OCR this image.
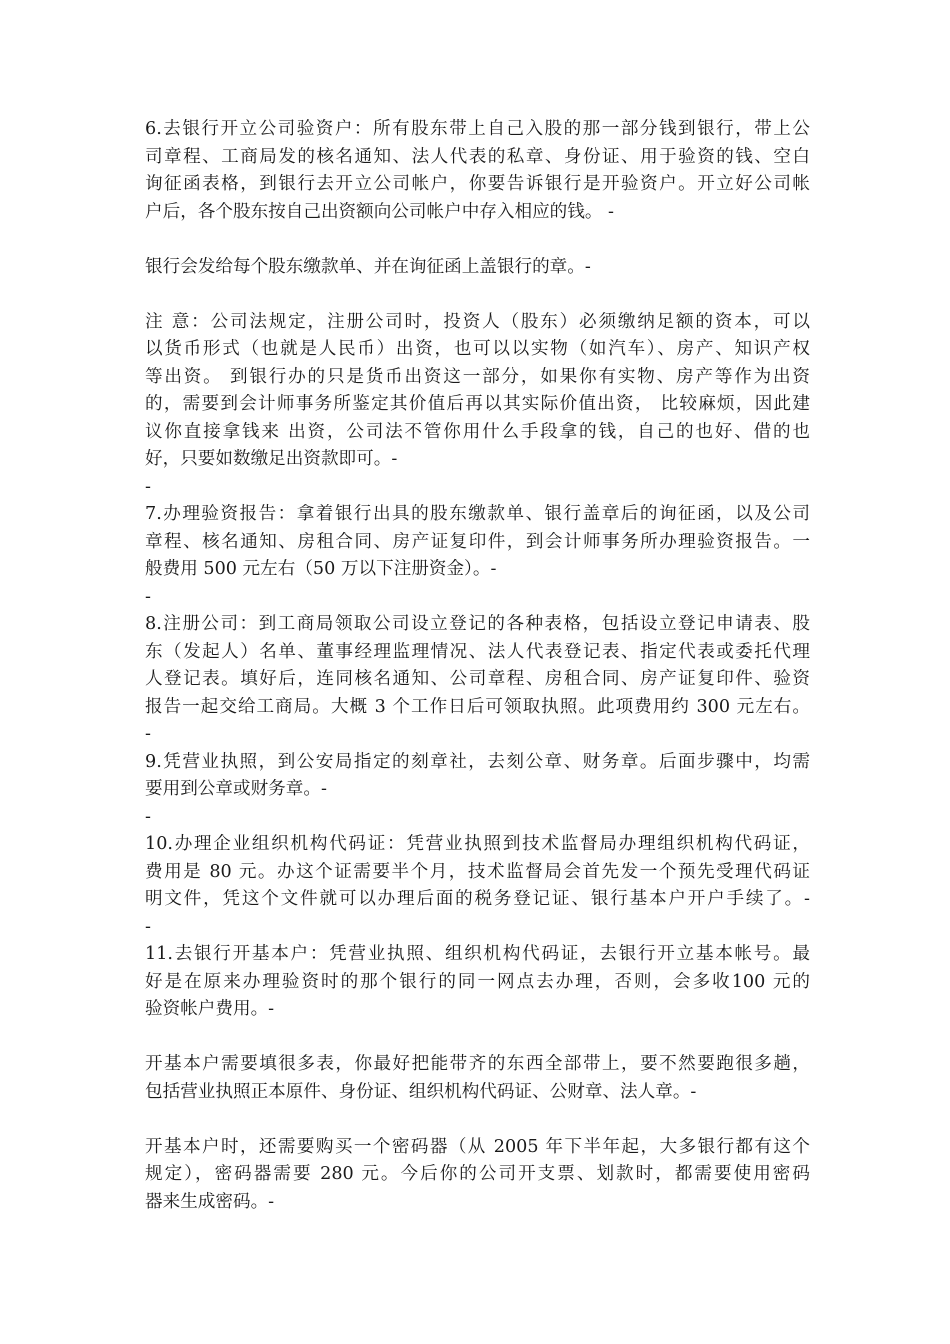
6.去银行开立公司验资户：所有股东带上自己入股的那一部分钱到银行，带上公
司章程、工商局发的核名通知、法人代表的私章、身份证、用于验资的钱、空白
询征函表格，到银行去开立公司帐户，你要告诉银行是开验资户。开立好公司帐
户后，各个股东按自己出资额向公司帐户中存入相应的钱。 -
银行会发给每个股东缴款单、并在询征函上盖银行的章。-
注 意：公司法规定，注册公司时，投资人（股东）必须缴纳足额的资本，可以
以货币形式（也就是人民币）出资，也可以以实物（如汽车）、房产、知识产权
等出资。 到银行办的只是货币出资这一部分，如果你有实物、房产等作为出资
的，需要到会计师事务所鉴定其价值后再以其实际价值出资， 比较麻烦，因此建
议你直接拿钱来 出资，公司法不管你用什么手段拿的钱，自己的也好、借的也
好，只要如数缴足出资款即可。-
-
7.办理验资报告：拿着银行出具的股东缴款单、银行盖章后的询征函，以及公司
章程、核名通知、房租合同、房产证复印件，到会计师事务所办理验资报告。一
般费用 500 元左右（50 万以下注册资金）。-
-
8.注册公司：到工商局领取公司设立登记的各种表格，包括设立登记申请表、股
东（发起人）名单、董事经理监理情况、法人代表登记表、指定代表或委托代理
人登记表。填好后，连同核名通知、公司章程、房租合同、房产证复印件、验资
报告一起交给工商局。大概 3 个工作日后可领取执照。此项费用约 300 元左右。
-
9.凭营业执照，到公安局指定的刻章社，去刻公章、财务章。后面步骤中，均需
要用到公章或财务章。-
-
10.办理企业组织机构代码证：凭营业执照到技术监督局办理组织机构代码证，
费用是 80 元。办这个证需要半个月，技术监督局会首先发一个预先受理代码证
明文件，凭这个文件就可以办理后面的税务登记证、银行基本户开户手续了。-
-
11.去银行开基本户：凭营业执照、组织机构代码证，去银行开立基本帐号。最
好是在原来办理验资时的那个银行的同一网点去办理，否则，会多收100 元的
验资帐户费用。-
开基本户需要填很多表，你最好把能带齐的东西全部带上，要不然要跑很多趟，
包括营业执照正本原件、身份证、组织机构代码证、公财章、法人章。-
开基本户时，还需要购买一个密码器（从 2005 年下半年起，大多银行都有这个
规定），密码器需要 280 元。今后你的公司开支票、划款时，都需要使用密码
器来生成密码。-
